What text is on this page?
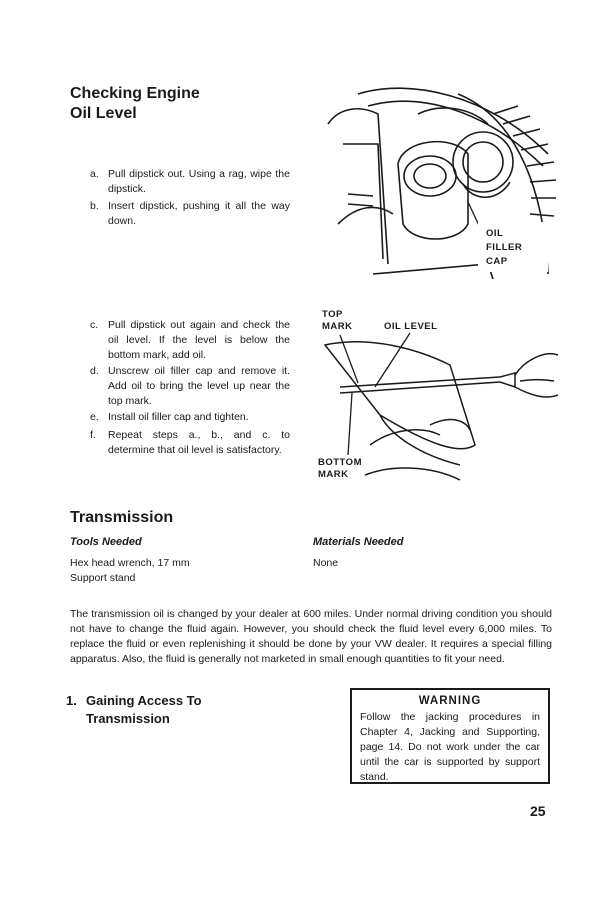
Checking Engine
Oil Level
a. Pull dipstick out. Using a rag, wipe the dipstick.
b. Insert dipstick, pushing it all the way down.
OIL
FILLER
CAP
c. Pull dipstick out again and check the oil level. If the level is below the bottom mark, add oil.
d. Unscrew oil filler cap and remove it. Add oil to bring the level up near the top mark.
e. Install oil filler cap and tighten.
f.	Repeat steps a., b., and c. to determine that oil level is satisfactory.
TOP
MARK	OIL LEVEL
BOTTOM
MARK
Transmission
Tools Needed
Hex head wrench, 17 mm
Support stand
Materials Needed
None
The transmission oil is changed by your dealer at 600 miles. Under normal driving condition you should not have to change the fluid again. However, you should check the fluid level every 6,000 miles. To replace the fluid or even replenishing it should be done by your VW dealer. It requires a special filling apparatus. Also, the fluid is generally not marketed in small enough quantities to fit your need.
1. Gaining Access To
Transmission
WARNING
Follow the jacking procedures in Chapter 4, Jacking and Supporting, page 14. Do not work under the car until the car is supported by support stand.
25
